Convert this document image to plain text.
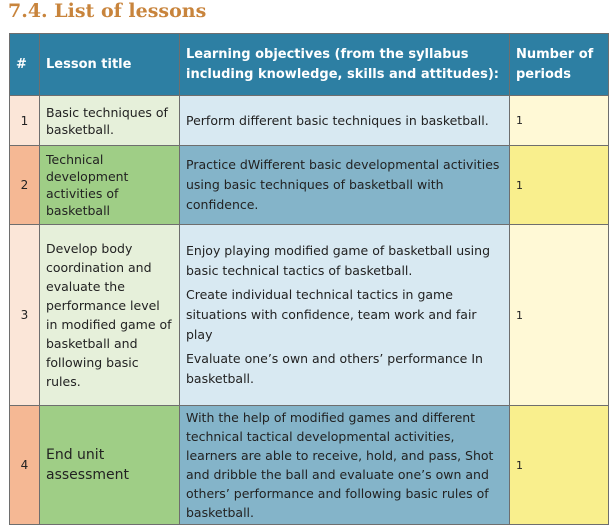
7.4. List of lessons
#	Lesson title	Learning objectives (from the syllabus including knowledge, skills and attitudes):	Number of periods
1	Basic techniques of basketball.	Perform different basic techniques in basketball.	1
2	Technical development activities of basketball	Practice dWifferent basic developmental activities using basic techniques of basketball with confidence.	1
3	Develop body coordination and evaluate the performance level in modified game of basketball and following basic rules.	Enjoy playing modified game of basketball using basic technical tactics of basketball.
Create individual technical tactics in game situations with confidence, team work and fair play
Evaluate one’s own and others’ performance In basketball.	1
4	End unit assessment	With the help of modified games and different technical tactical developmental activities, learners are able to receive, hold, and pass, Shot and dribble the ball and evaluate one’s own and others’ performance and following basic rules of basketball.	1
